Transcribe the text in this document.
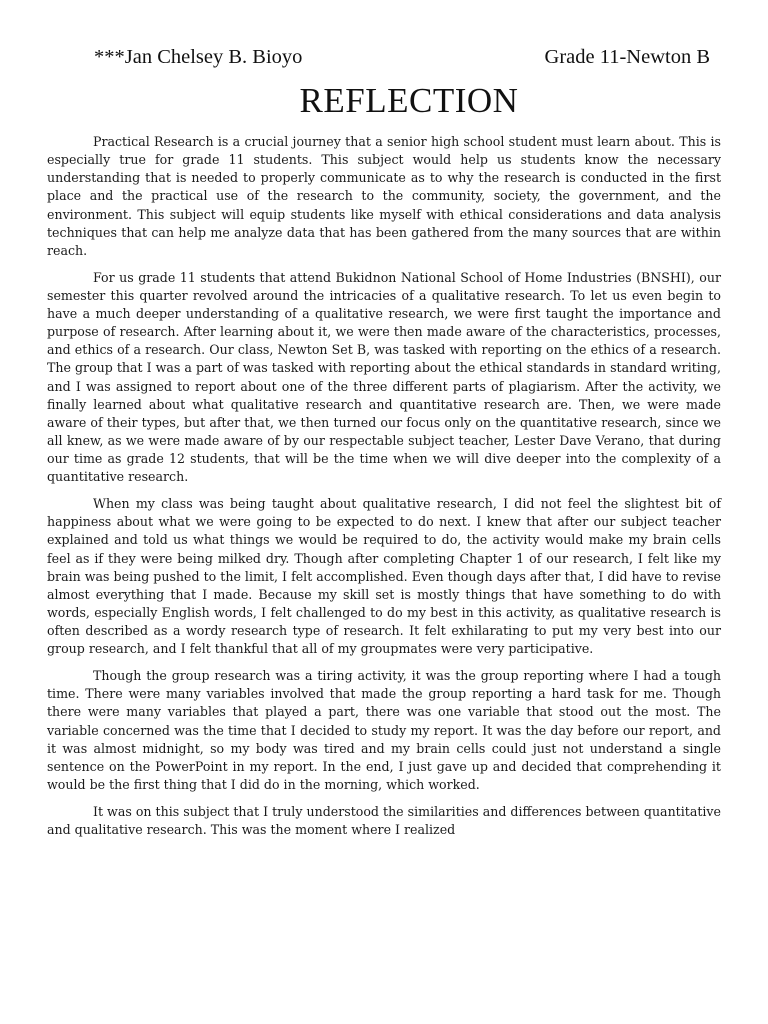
***Jan Chelsey B. Bioyo	Grade 11-Newton B
REFLECTION

Practical Research is a crucial journey that a senior high school student must learn about. This is especially true for grade 11 students. This subject would help us students know the necessary understanding that is needed to properly communicate as to why the research is conducted in the first place and the practical use of the research to the community, society, the government, and the environment. This subject will equip students like myself with ethical considerations and data analysis techniques that can help me analyze data that has been gathered from the many sources that are within reach.

For us grade 11 students that attend Bukidnon National School of Home Industries (BNSHI), our semester this quarter revolved around the intricacies of a qualitative research. To let us even begin to have a much deeper understanding of a qualitative research, we were first taught the importance and purpose of research. After learning about it, we were then made aware of the characteristics, processes, and ethics of a research. Our class, Newton Set B, was tasked with reporting on the ethics of a research. The group that I was a part of was tasked with reporting about the ethical standards in standard writing, and I was assigned to report about one of the three different parts of plagiarism. After the activity, we finally learned about what qualitative research and quantitative research are. Then, we were made aware of their types, but after that, we then turned our focus only on the quantitative research, since we all knew, as we were made aware of by our respectable subject teacher, Lester Dave Verano, that during our time as grade 12 students, that will be the time when we will dive deeper into the complexity of a quantitative research.

When my class was being taught about qualitative research, I did not feel the slightest bit of happiness about what we were going to be expected to do next. I knew that after our subject teacher explained and told us what things we would be required to do, the activity would make my brain cells feel as if they were being milked dry. Though after completing Chapter 1 of our research, I felt like my brain was being pushed to the limit, I felt accomplished. Even though days after that, I did have to revise almost everything that I made. Because my skill set is mostly things that have something to do with words, especially English words, I felt challenged to do my best in this activity, as qualitative research is often described as a wordy research type of research. It felt exhilarating to put my very best into our group research, and I felt thankful that all of my groupmates were very participative.

Though the group research was a tiring activity, it was the group reporting where I had a tough time. There were many variables involved that made the group reporting a hard task for me. Though there were many variables that played a part, there was one variable that stood out the most. The variable concerned was the time that I decided to study my report. It was the day before our report, and it was almost midnight, so my body was tired and my brain cells could just not understand a single sentence on the PowerPoint in my report. In the end, I just gave up and decided that comprehending it would be the first thing that I did do in the morning, which worked.

It was on this subject that I truly understood the similarities and differences between quantitative and qualitative research. This was the moment where I realized
